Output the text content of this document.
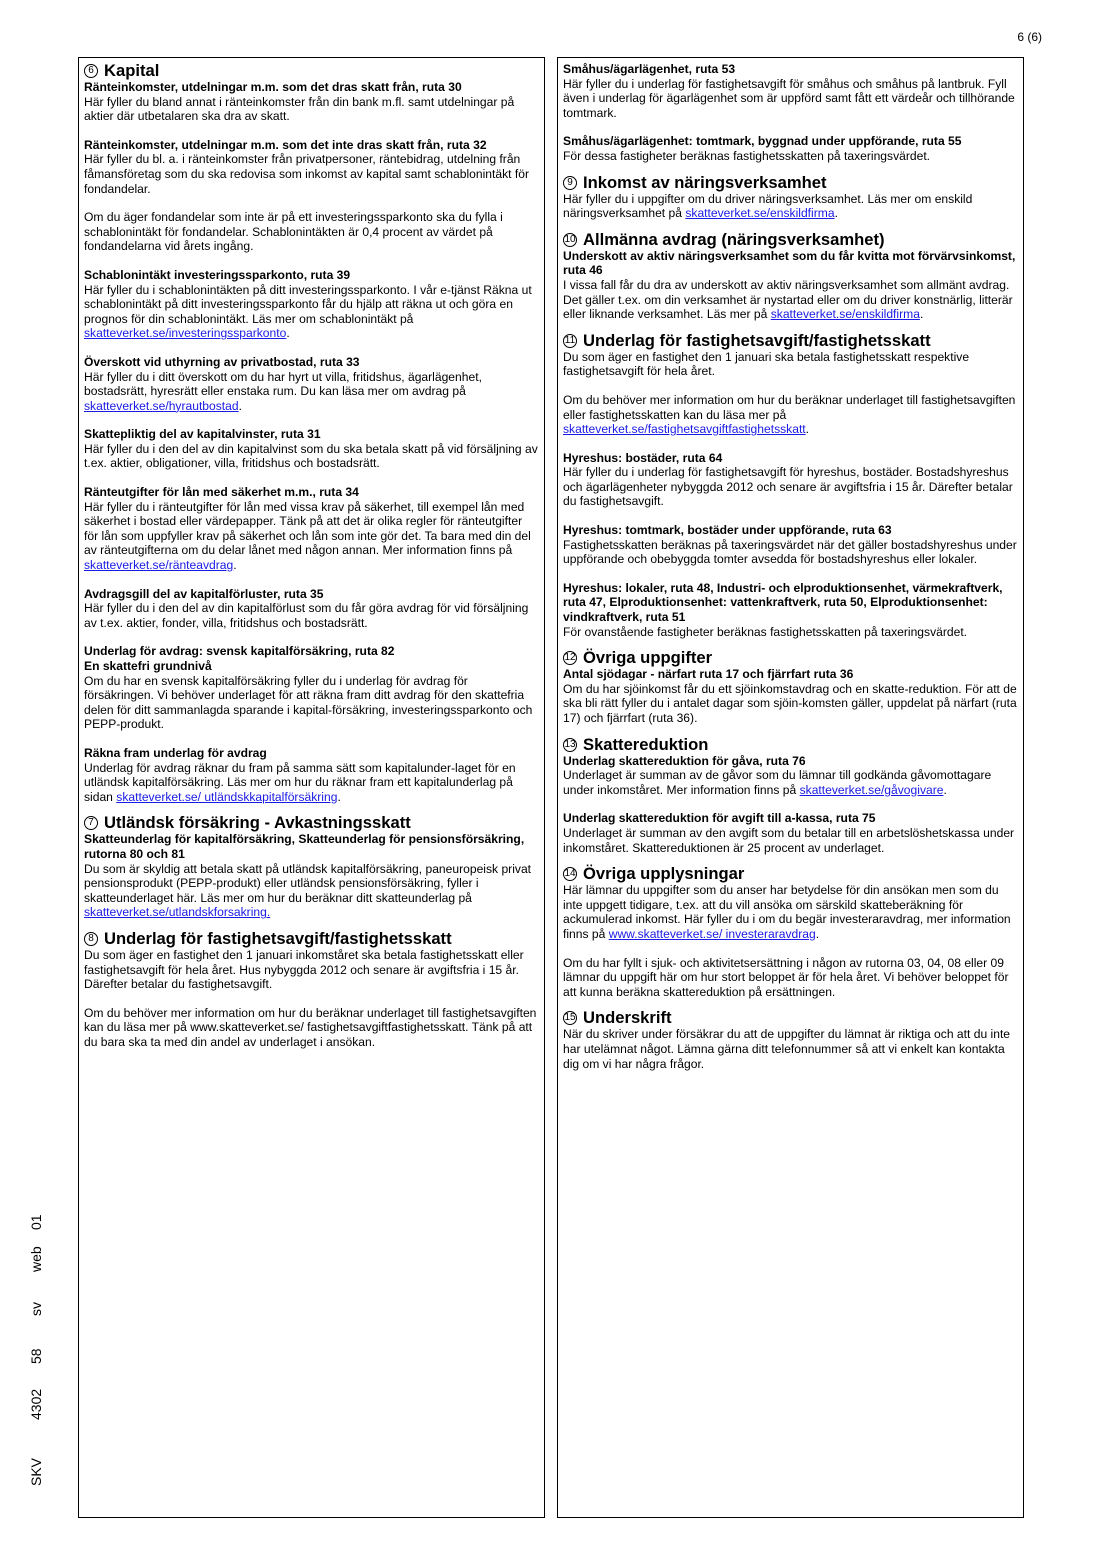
6 (6)
6 Kapital
Ränteinkomster, utdelningar m.m. som det dras skatt från, ruta 30

Här fyller du bland annat i ränteinkomster från din bank m.fl. samt utdelningar på aktier där utbetalaren ska dra av skatt.

Ränteinkomster, utdelningar m.m. som det inte dras skatt från, ruta 32

Här fyller du bl. a. i ränteinkomster från privatpersoner, räntebidrag, utdelning från fåmansföretag som du ska redovisa som inkomst av kapital samt schablonintäkt för fondandelar.

Om du äger fondandelar som inte är på ett investeringssparkonto ska du fylla i schablonintäkt för fondandelar. Schablonintäkten är 0,4 procent av värdet på fondandelarna vid årets ingång.

Schablonintäkt investeringssparkonto, ruta 39

Här fyller du i schablonintäkten på ditt investeringssparkonto. I vår e-tjänst Räkna ut schablonintäkt på ditt investeringssparkonto får du hjälp att räkna ut och göra en prognos för din schablonintäkt. Läs mer om schablonintäkt på skatteverket.se/investeringssparkonto.

Överskott vid uthyrning av privatbostad, ruta 33

Här fyller du i ditt överskott om du har hyrt ut villa, fritidshus, ägarlägenhet, bostadsrätt, hyresrätt eller enstaka rum. Du kan läsa mer om avdrag på skatteverket.se/hyrautbostad.

Skattepliktig del av kapitalvinster, ruta 31

Här fyller du i den del av din kapitalvinst som du ska betala skatt på vid försäljning av t.ex. aktier, obligationer, villa, fritidshus och bostadsrätt.

Ränteutgifter för lån med säkerhet m.m., ruta 34

Här fyller du i ränteutgifter för lån med vissa krav på säkerhet, till exempel lån med säkerhet i bostad eller värdepapper. Tänk på att det är olika regler för ränteutgifter för lån som uppfyller krav på säkerhet och lån som inte gör det. Ta bara med din del av ränteutgifterna om du delar lånet med någon annan. Mer information finns på skatteverket.se/ränteavdrag.

Avdragsgill del av kapitalförluster, ruta 35

Här fyller du i den del av din kapitalförlust som du får göra avdrag för vid försäljning av t.ex. aktier, fonder, villa, fritidshus och bostadsrätt.

Underlag för avdrag: svensk kapitalförsäkring, ruta 82
En skattefri grundnivå

Om du har en svensk kapitalförsäkring fyller du i underlag för avdrag för försäkringen. Vi behöver underlaget för att räkna fram ditt avdrag för den skattefria delen för ditt sammanlagda sparande i kapital-försäkring, investeringssparkonto och PEPP-produkt.

Räkna fram underlag för avdrag

Underlag för avdrag räknar du fram på samma sätt som kapitalunder-laget för en utländsk kapitalförsäkring. Läs mer om hur du räknar fram ett kapitalunderlag på sidan skatteverket.se/ utländskkapitalförsäkring.

7 Utländsk försäkring - Avkastningsskatt
Skatteunderlag för kapitalförsäkring, Skatteunderlag för pensionsförsäkring, rutorna 80 och 81

Du som är skyldig att betala skatt på utländsk kapitalförsäkring, paneuropeisk privat pensionsprodukt (PEPP-produkt) eller utländsk pensionsförsäkring, fyller i skatteunderlaget här. Läs mer om hur du beräknar ditt skatteunderlag på skatteverket.se/utlandskforsakring.

8 Underlag för fastighetsavgift/fastighetsskatt

Du som äger en fastighet den 1 januari inkomståret ska betala fastighetsskatt eller fastighetsavgift för hela året. Hus nybyggda 2012 och senare är avgiftsfria i 15 år. Därefter betalar du fastighetsavgift.

Om du behöver mer information om hur du beräknar underlaget till fastighetsavgiften kan du läsa mer på www.skatteverket.se/ fastighetsavgiftfastighetsskatt. Tänk på att du bara ska ta med din andel av underlaget i ansökan.

Småhus/ägarlägenhet, ruta 53

Här fyller du i underlag för fastighetsavgift för småhus och småhus på lantbruk. Fyll även i underlag för ägarlägenhet som är uppförd samt fått ett värdeår och tillhörande tomtmark.

Småhus/ägarlägenhet: tomtmark, byggnad under uppförande, ruta 55

För dessa fastigheter beräknas fastighetsskatten på taxeringsvärdet.

9 Inkomst av näringsverksamhet

Här fyller du i uppgifter om du driver näringsverksamhet. Läs mer om enskild näringsverksamhet på skatteverket.se/enskildfirma.

10 Allmänna avdrag (näringsverksamhet)
Underskott av aktiv näringsverksamhet som du får kvitta mot förvärvsinkomst, ruta 46

I vissa fall får du dra av underskott av aktiv näringsverksamhet som allmänt avdrag. Det gäller t.ex. om din verksamhet är nystartad eller om du driver konstnärlig, litterär eller liknande verksamhet. Läs mer på skatteverket.se/enskildfirma.

11 Underlag för fastighetsavgift/fastighetsskatt

Du som äger en fastighet den 1 januari ska betala fastighetsskatt respektive fastighetsavgift för hela året.

Om du behöver mer information om hur du beräknar underlaget till fastighetsavgiften eller fastighetsskatten kan du läsa mer på skatteverket.se/fastighetsavgiftfastighetsskatt.

Hyreshus: bostäder, ruta 64

Här fyller du i underlag för fastighetsavgift för hyreshus, bostäder. Bostadshyreshus och ägarlägenheter nybyggda 2012 och senare är avgiftsfria i 15 år. Därefter betalar du fastighetsavgift.

Hyreshus: tomtmark, bostäder under uppförande, ruta 63

Fastighetsskatten beräknas på taxeringsvärdet när det gäller bostadshyreshus under uppförande och obebyggda tomter avsedda för bostadshyreshus eller lokaler.

Hyreshus: lokaler, ruta 48, Industri- och elproduktionsenhet, värmekraftverk, ruta 47, Elproduktionsenhet: vattenkraftverk, ruta 50, Elproduktionsenhet: vindkraftverk, ruta 51

För ovanstående fastigheter beräknas fastighetsskatten på taxeringsvärdet.

12 Övriga uppgifter
Antal sjödagar - närfart ruta 17 och fjärrfart ruta 36

Om du har sjöinkomst får du ett sjöinkomstavdrag och en skatte-reduktion. För att de ska bli rätt fyller du i antalet dagar som sjöin-komsten gäller, uppdelat på närfart (ruta 17) och fjärrfart (ruta 36).

13 Skattereduktion
Underlag skattereduktion för gåva, ruta 76

Underlaget är summan av de gåvor som du lämnar till godkända gåvomottagare under inkomståret. Mer information finns på skatteverket.se/gåvogivare.

Underlag skattereduktion för avgift till a-kassa, ruta 75

Underlaget är summan av den avgift som du betalar till en arbetslöshetskassa under inkomståret. Skattereduktionen är 25 procent av underlaget.

14 Övriga upplysningar

Här lämnar du uppgifter som du anser har betydelse för din ansökan men som du inte uppgett tidigare, t.ex. att du vill ansöka om särskild skatteberäkning för ackumulerad inkomst. Här fyller du i om du begär investeraravdrag, mer information finns på www.skatteverket.se/ investeraravdrag.

Om du har fyllt i sjuk- och aktivitetsersättning i någon av rutorna 03, 04, 08 eller 09 lämnar du uppgift här om hur stort beloppet är för hela året. Vi behöver beloppet för att kunna beräkna skattereduktion på ersättningen.

15 Underskrift

När du skriver under försäkrar du att de uppgifter du lämnat är riktiga och att du inte har utelämnat något. Lämna gärna ditt telefonnummer så att vi enkelt kan kontakta dig om vi har några frågor.

SKV
4302
58
sv
web
01
